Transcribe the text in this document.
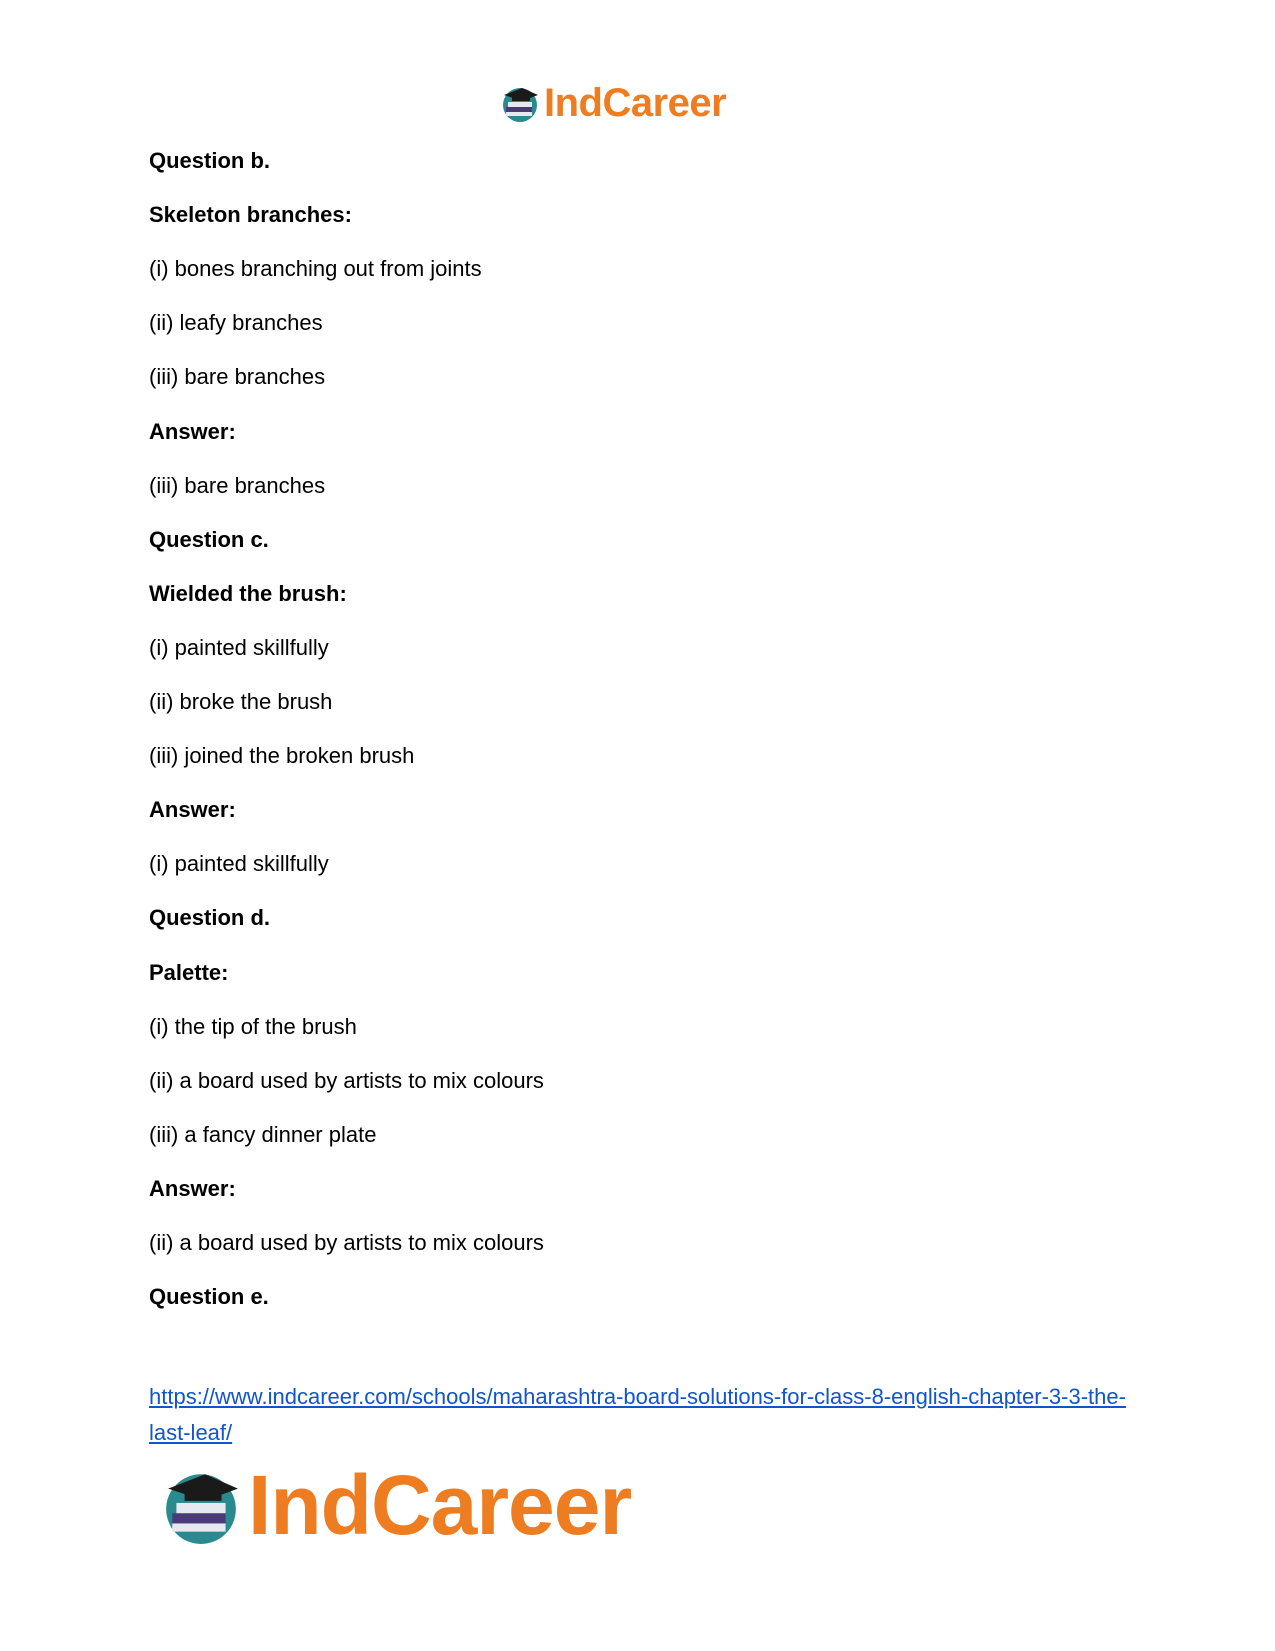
IndCareer
Question b.
Skeleton branches:
(i) bones branching out from joints
(ii) leafy branches
(iii) bare branches
Answer:
(iii) bare branches
Question c.
Wielded the brush:
(i) painted skillfully
(ii) broke the brush
(iii) joined the broken brush
Answer:
(i) painted skillfully
Question d.
Palette:
(i) the tip of the brush
(ii) a board used by artists to mix colours
(iii) a fancy dinner plate
Answer:
(ii) a board used by artists to mix colours
Question e.
https://www.indcareer.com/schools/maharashtra-board-solutions-for-class-8-english-chapter-3-3-the-last-leaf/
IndCareer
